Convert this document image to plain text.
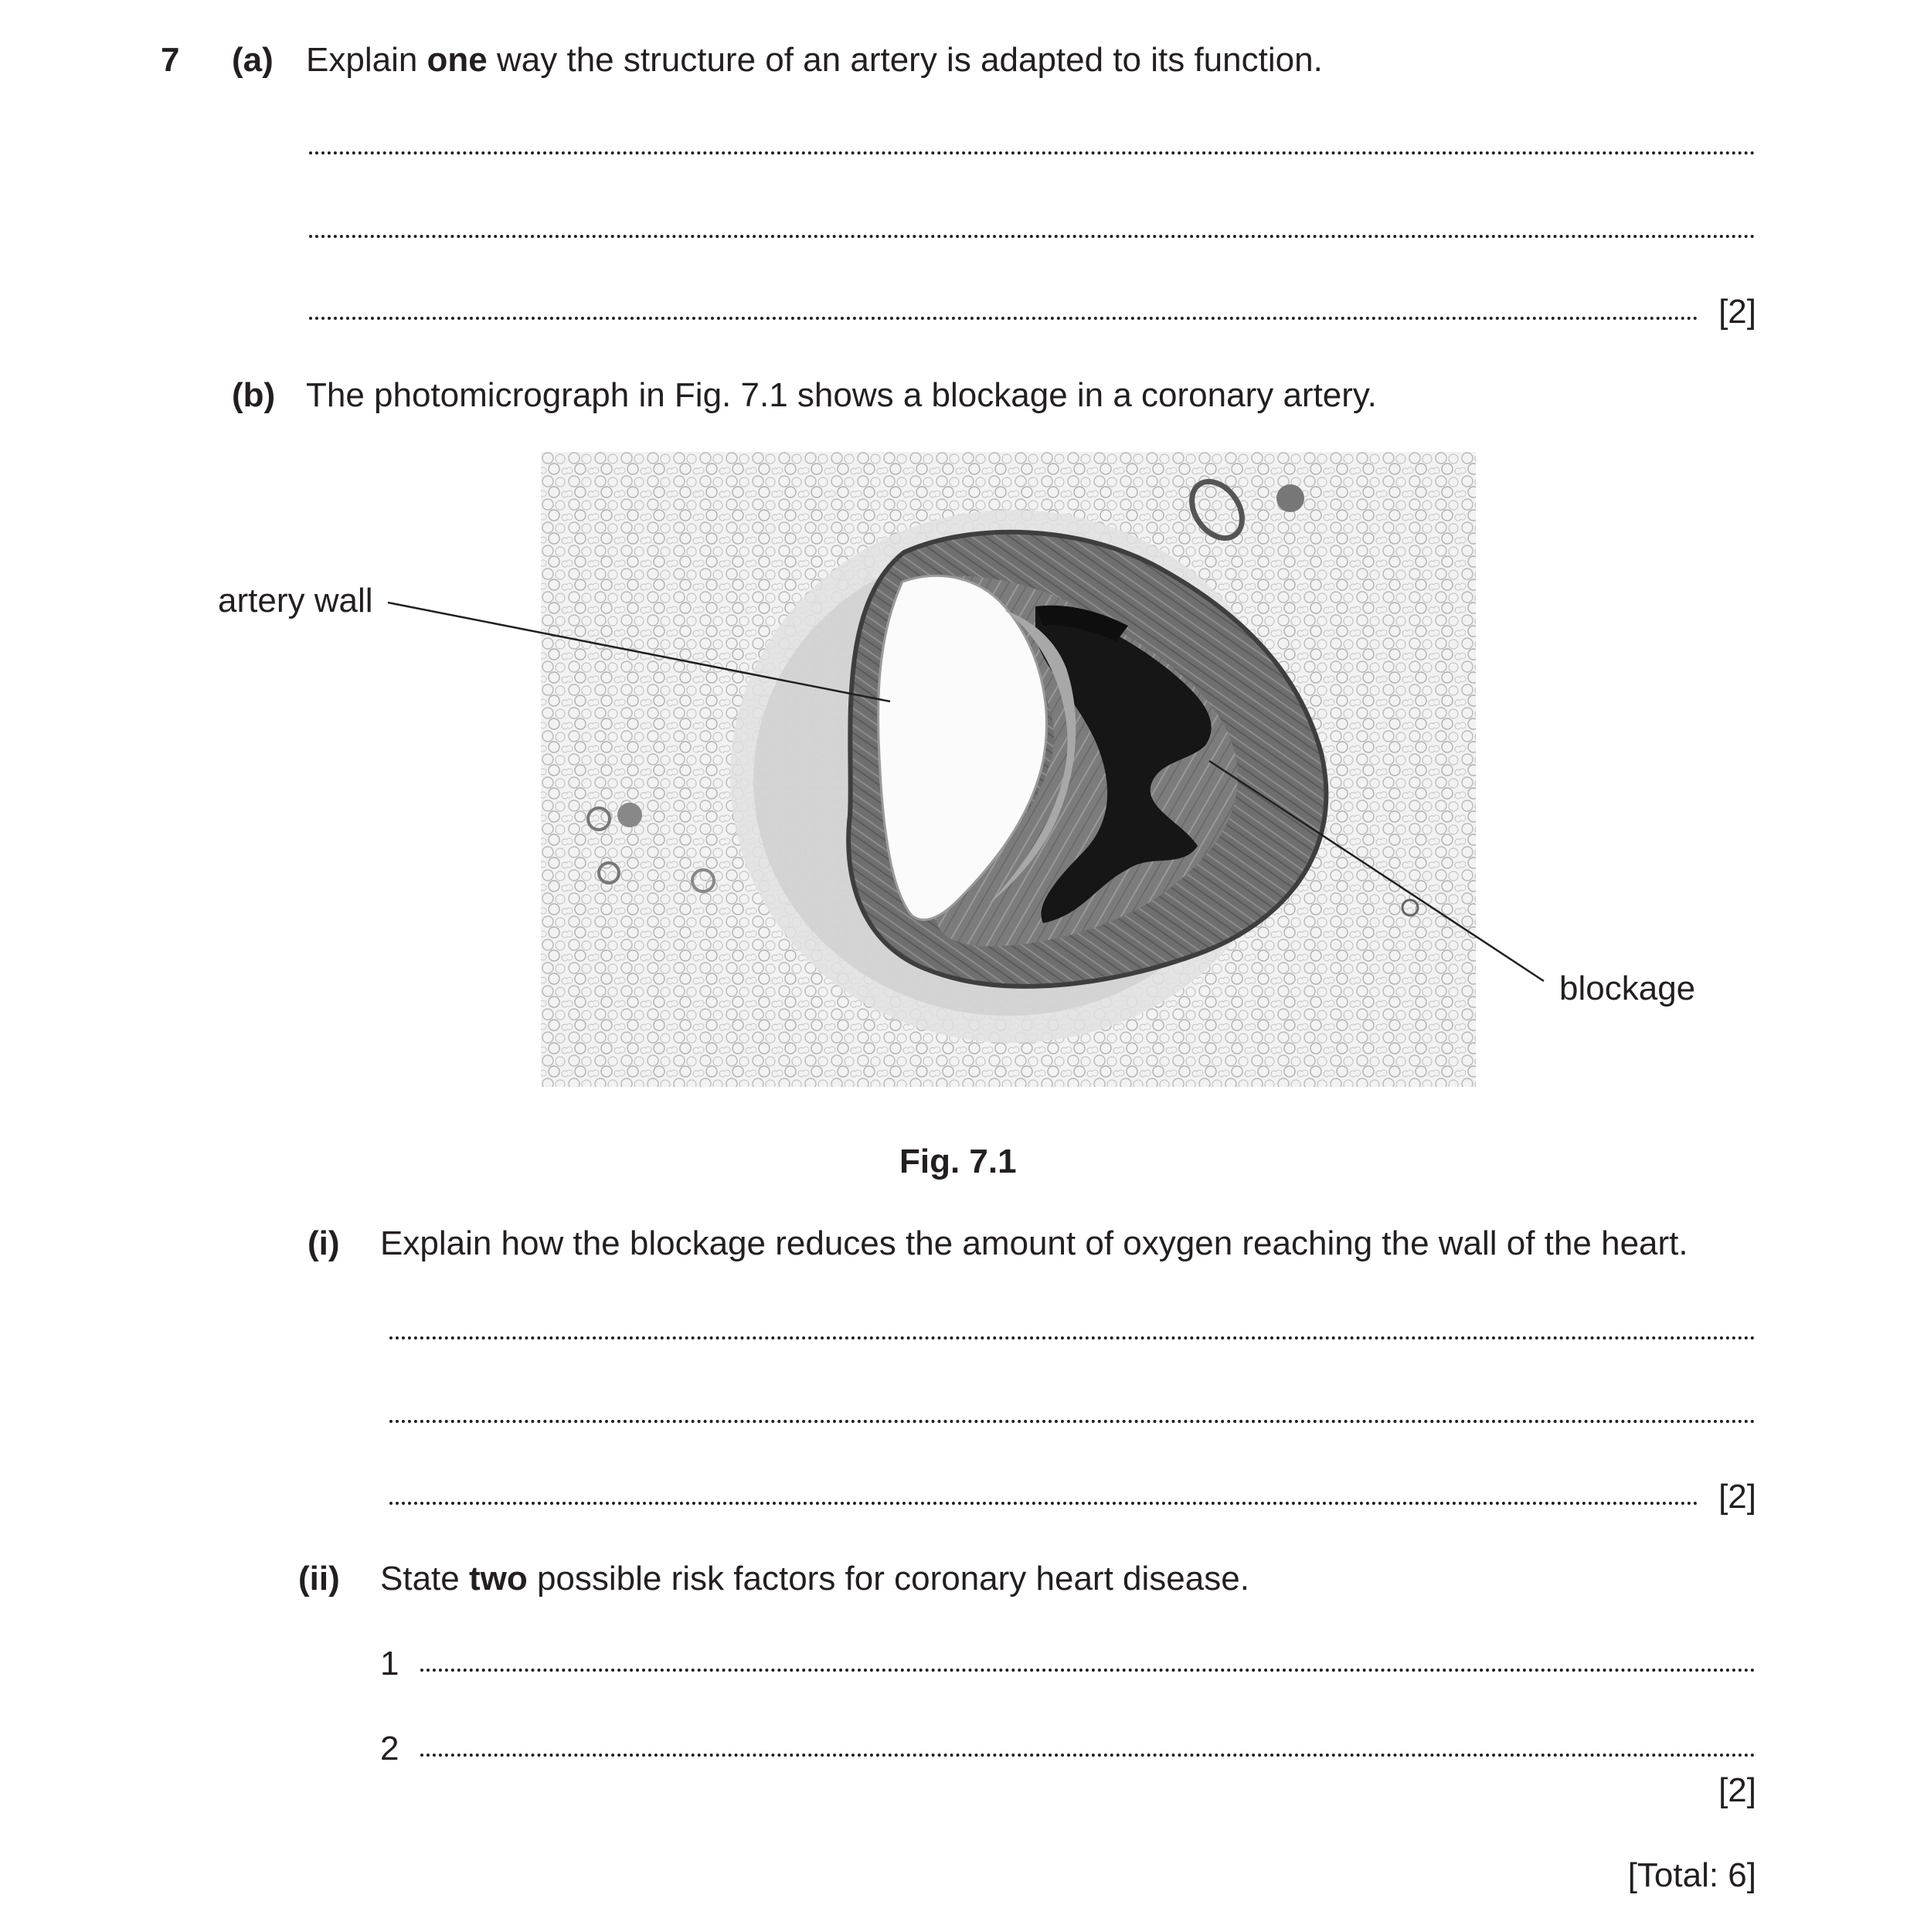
7 (a) Explain one way the structure of an artery is adapted to its function.
[2]
(b) The photomicrograph in Fig. 7.1 shows a blockage in a coronary artery.
artery wall
blockage
Fig. 7.1
(i) Explain how the blockage reduces the amount of oxygen reaching the wall of the heart.
[2]
(ii) State two possible risk factors for coronary heart disease.
1
2
[2]
[Total: 6]
